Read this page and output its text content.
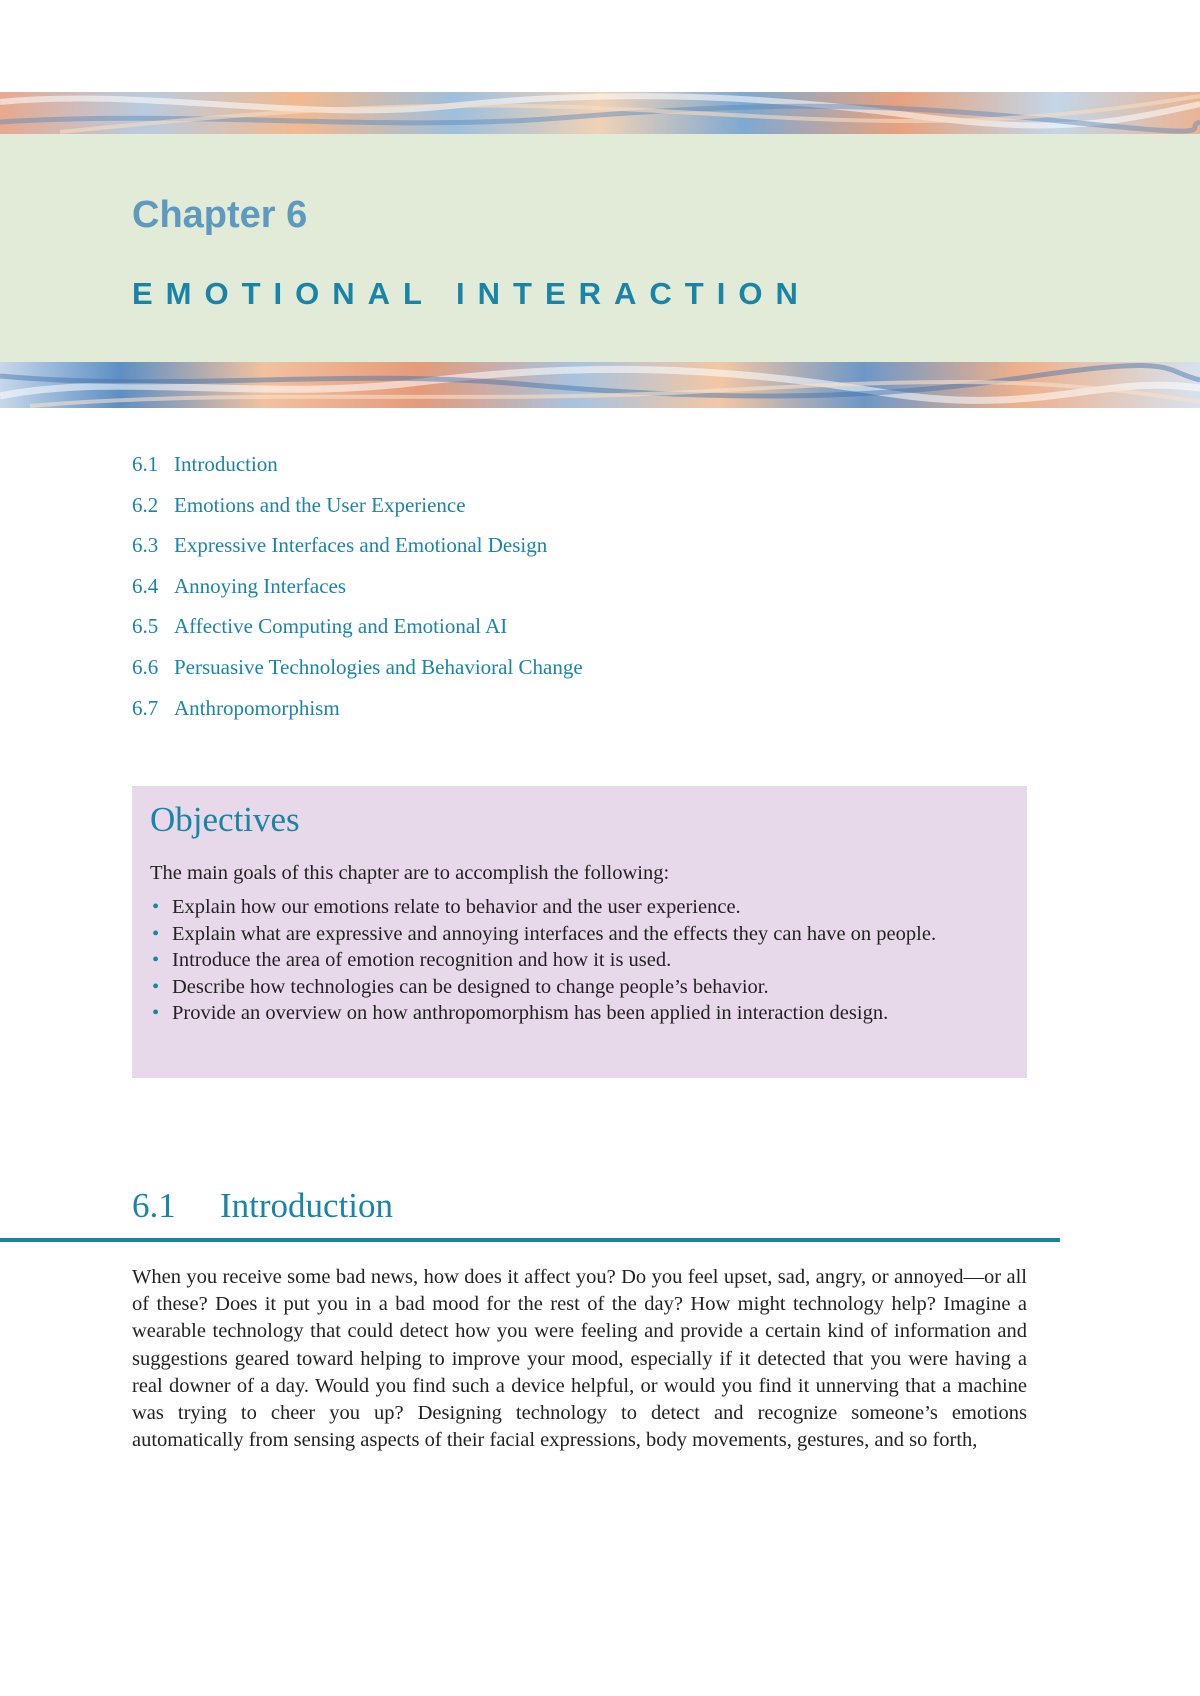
Chapter 6
EMOTIONAL INTERACTION
6.1 Introduction
6.2 Emotions and the User Experience
6.3 Expressive Interfaces and Emotional Design
6.4 Annoying Interfaces
6.5 Affective Computing and Emotional AI
6.6 Persuasive Technologies and Behavioral Change
6.7 Anthropomorphism
Objectives

The main goals of this chapter are to accomplish the following:

• Explain how our emotions relate to behavior and the user experience.
• Explain what are expressive and annoying interfaces and the effects they can have on people.
• Introduce the area of emotion recognition and how it is used.
• Describe how technologies can be designed to change people’s behavior.
• Provide an overview on how anthropomorphism has been applied in interaction design.
6.1 Introduction

When you receive some bad news, how does it affect you? Do you feel upset, sad, angry, or annoyed—or all of these? Does it put you in a bad mood for the rest of the day? How might technology help? Imagine a wearable technology that could detect how you were feeling and provide a certain kind of information and suggestions geared toward helping to improve your mood, especially if it detected that you were having a real downer of a day. Would you find such a device helpful, or would you find it unnerving that a machine was trying to cheer you up? Designing technology to detect and recognize someone’s emotions automatically from sensing aspects of their facial expressions, body movements, gestures, and so forth,
